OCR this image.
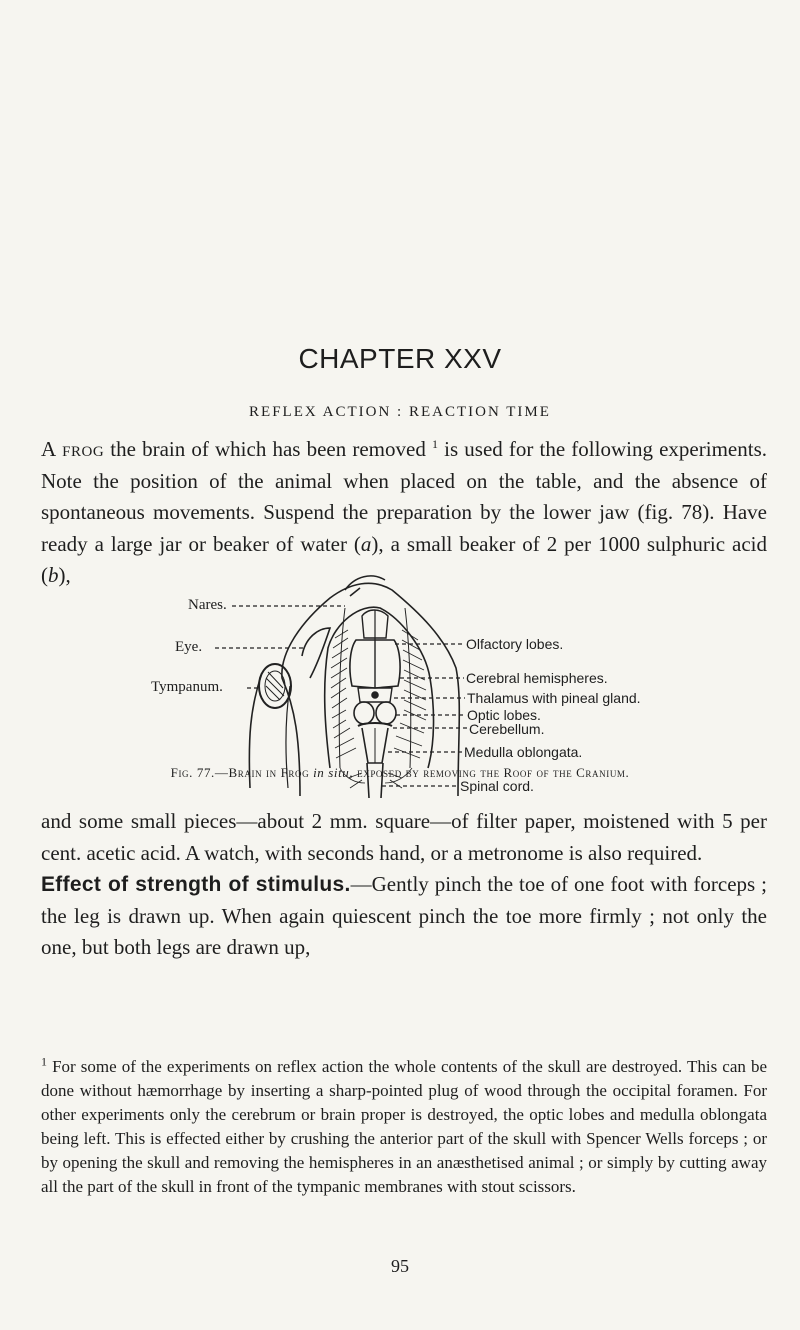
CHAPTER XXV
REFLEX ACTION : REACTION TIME

A frog the brain of which has been removed $^1$ is used for the following experiments. Note the position of the animal when placed on the table, and the absence of spontaneous movements. Suspend the preparation by the lower jaw (fig. 78). Have ready a large jar or beaker of water (a), a small beaker of 2 per 1000 sulphuric acid (b),

Nares.
Eye.
Tympanum.
Olfactory lobes.
Cerebral hemispheres.
Thalamus with pineal gland.
Optic lobes.
Cerebellum.
Medulla oblongata.
Spinal cord.

Fig. 77.—Brain in Frog in situ, exposed by removing the Roof of the Cranium.

and some small pieces—about 2 mm. square—of filter paper, moistened with 5 per cent. acetic acid. A watch, with seconds hand, or a metronome is also required.
Effect of strength of stimulus.—Gently pinch the toe of one foot with forceps ; the leg is drawn up. When again quiescent pinch the toe more firmly ; not only the one, but both legs are drawn up,

$^1$ For some of the experiments on reflex action the whole contents of the skull are destroyed. This can be done without hæmorrhage by inserting a sharp-pointed plug of wood through the occipital foramen. For other experiments only the cerebrum or brain proper is destroyed, the optic lobes and medulla oblongata being left. This is effected either by crushing the anterior part of the skull with Spencer Wells forceps ; or by opening the skull and removing the hemispheres in an anæsthetised animal ; or simply by cutting away all the part of the skull in front of the tympanic membranes with stout scissors.

95
